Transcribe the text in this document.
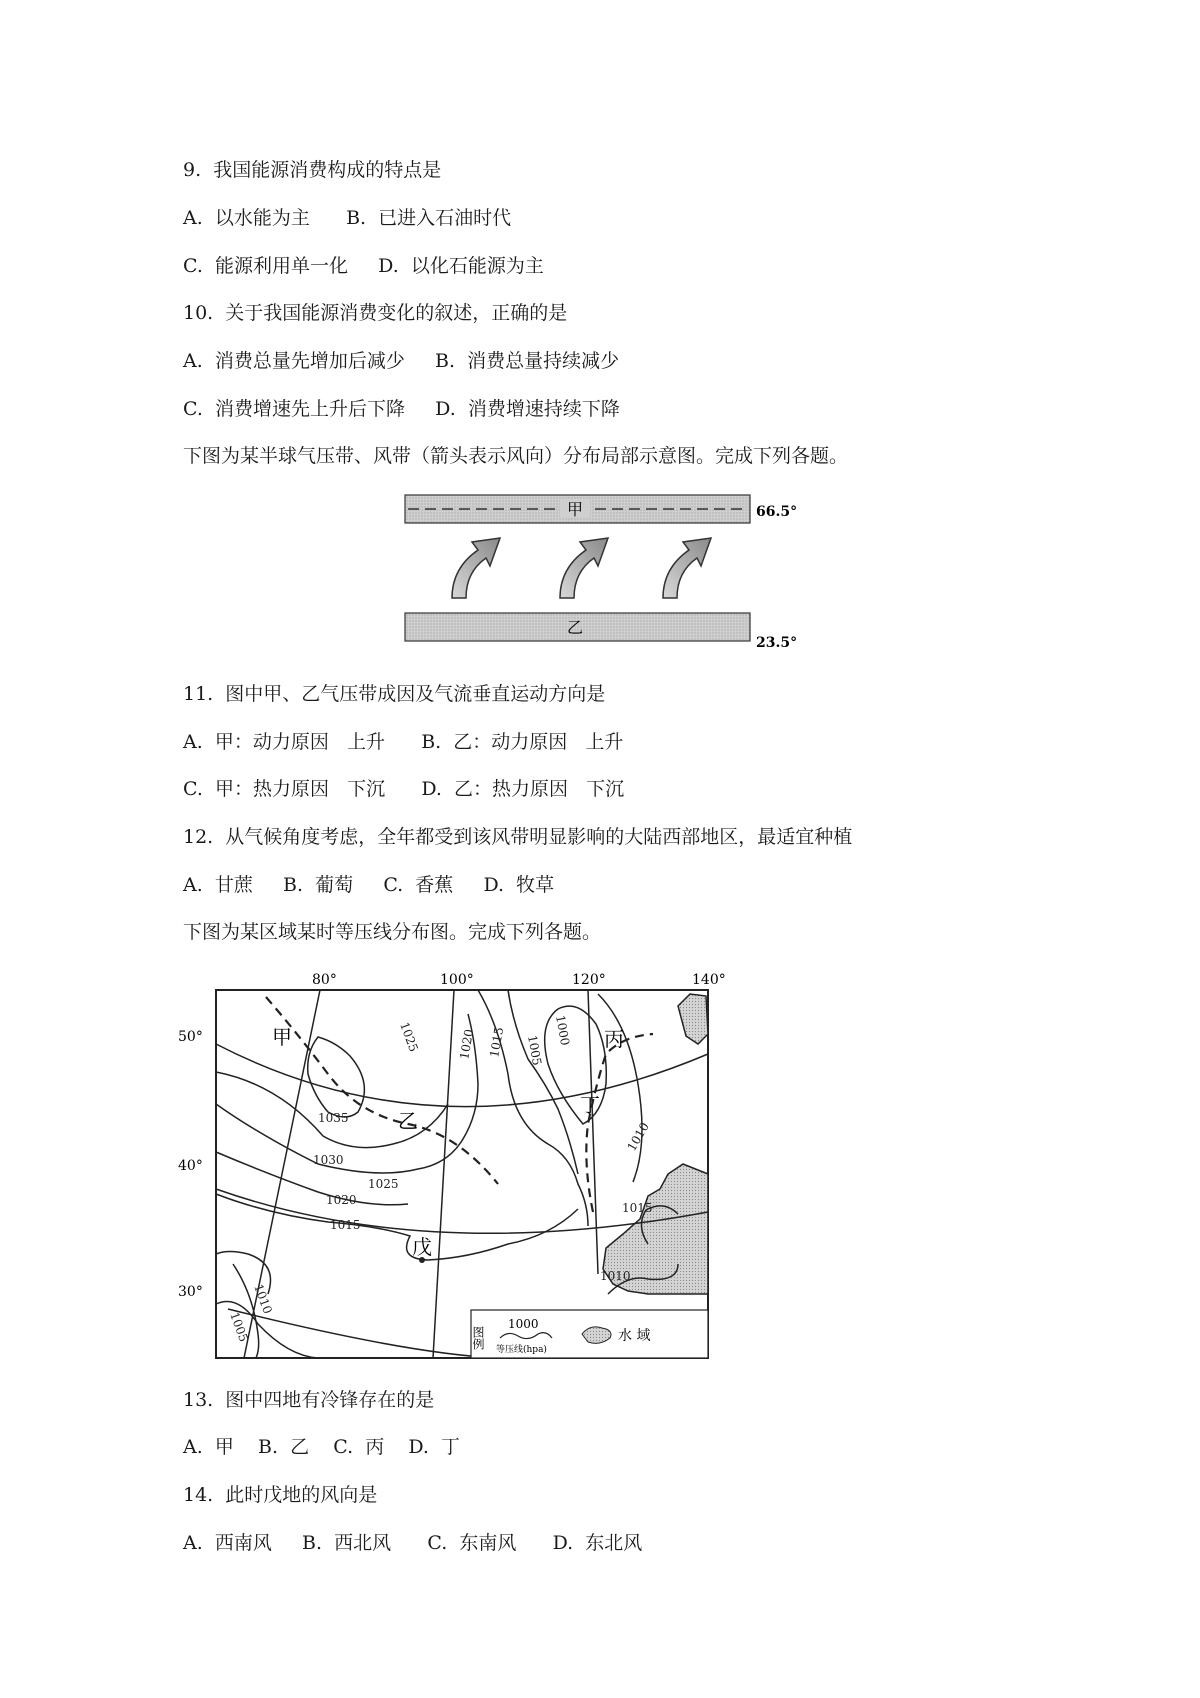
9.  我国能源消费构成的特点是
A.  以水能为主      B.  已进入石油时代
C.  能源利用单一化     D.  以化石能源为主
10.  关于我国能源消费变化的叙述，正确的是
A.  消费总量先增加后减少     B.  消费总量持续减少
C.  消费增速先上升后下降     D.  消费增速持续下降
下图为某半球气压带、风带（箭头表示风向）分布局部示意图。完成下列各题。
甲	66.5°
乙
23.5°
11.  图中甲、乙气压带成因及气流垂直运动方向是
A.  甲：动力原因   上升      B.  乙：动力原因   上升
C.  甲：热力原因   下沉      D.  乙：热力原因   下沉
12.  从气候角度考虑，全年都受到该风带明显影响的大陆西部地区，最适宜种植
A.  甘蔗     B.  葡萄     C.  香蕉     D.  牧草
下图为某区域某时等压线分布图。完成下列各题。
80°	100°	120°	140°
50°
40°
30°
甲
乙
丙
丁
戊
1025	1020 1015 1005
1000
1035
1030
1025
1020
1015
1010
1005
1010
1015
1010
图例
1000
等压线(hpa)
水 域
13.  图中四地有冷锋存在的是
A.  甲    B.  乙    C.  丙    D.  丁
14.  此时戊地的风向是
A.  西南风     B.  西北风      C.  东南风      D.  东北风
